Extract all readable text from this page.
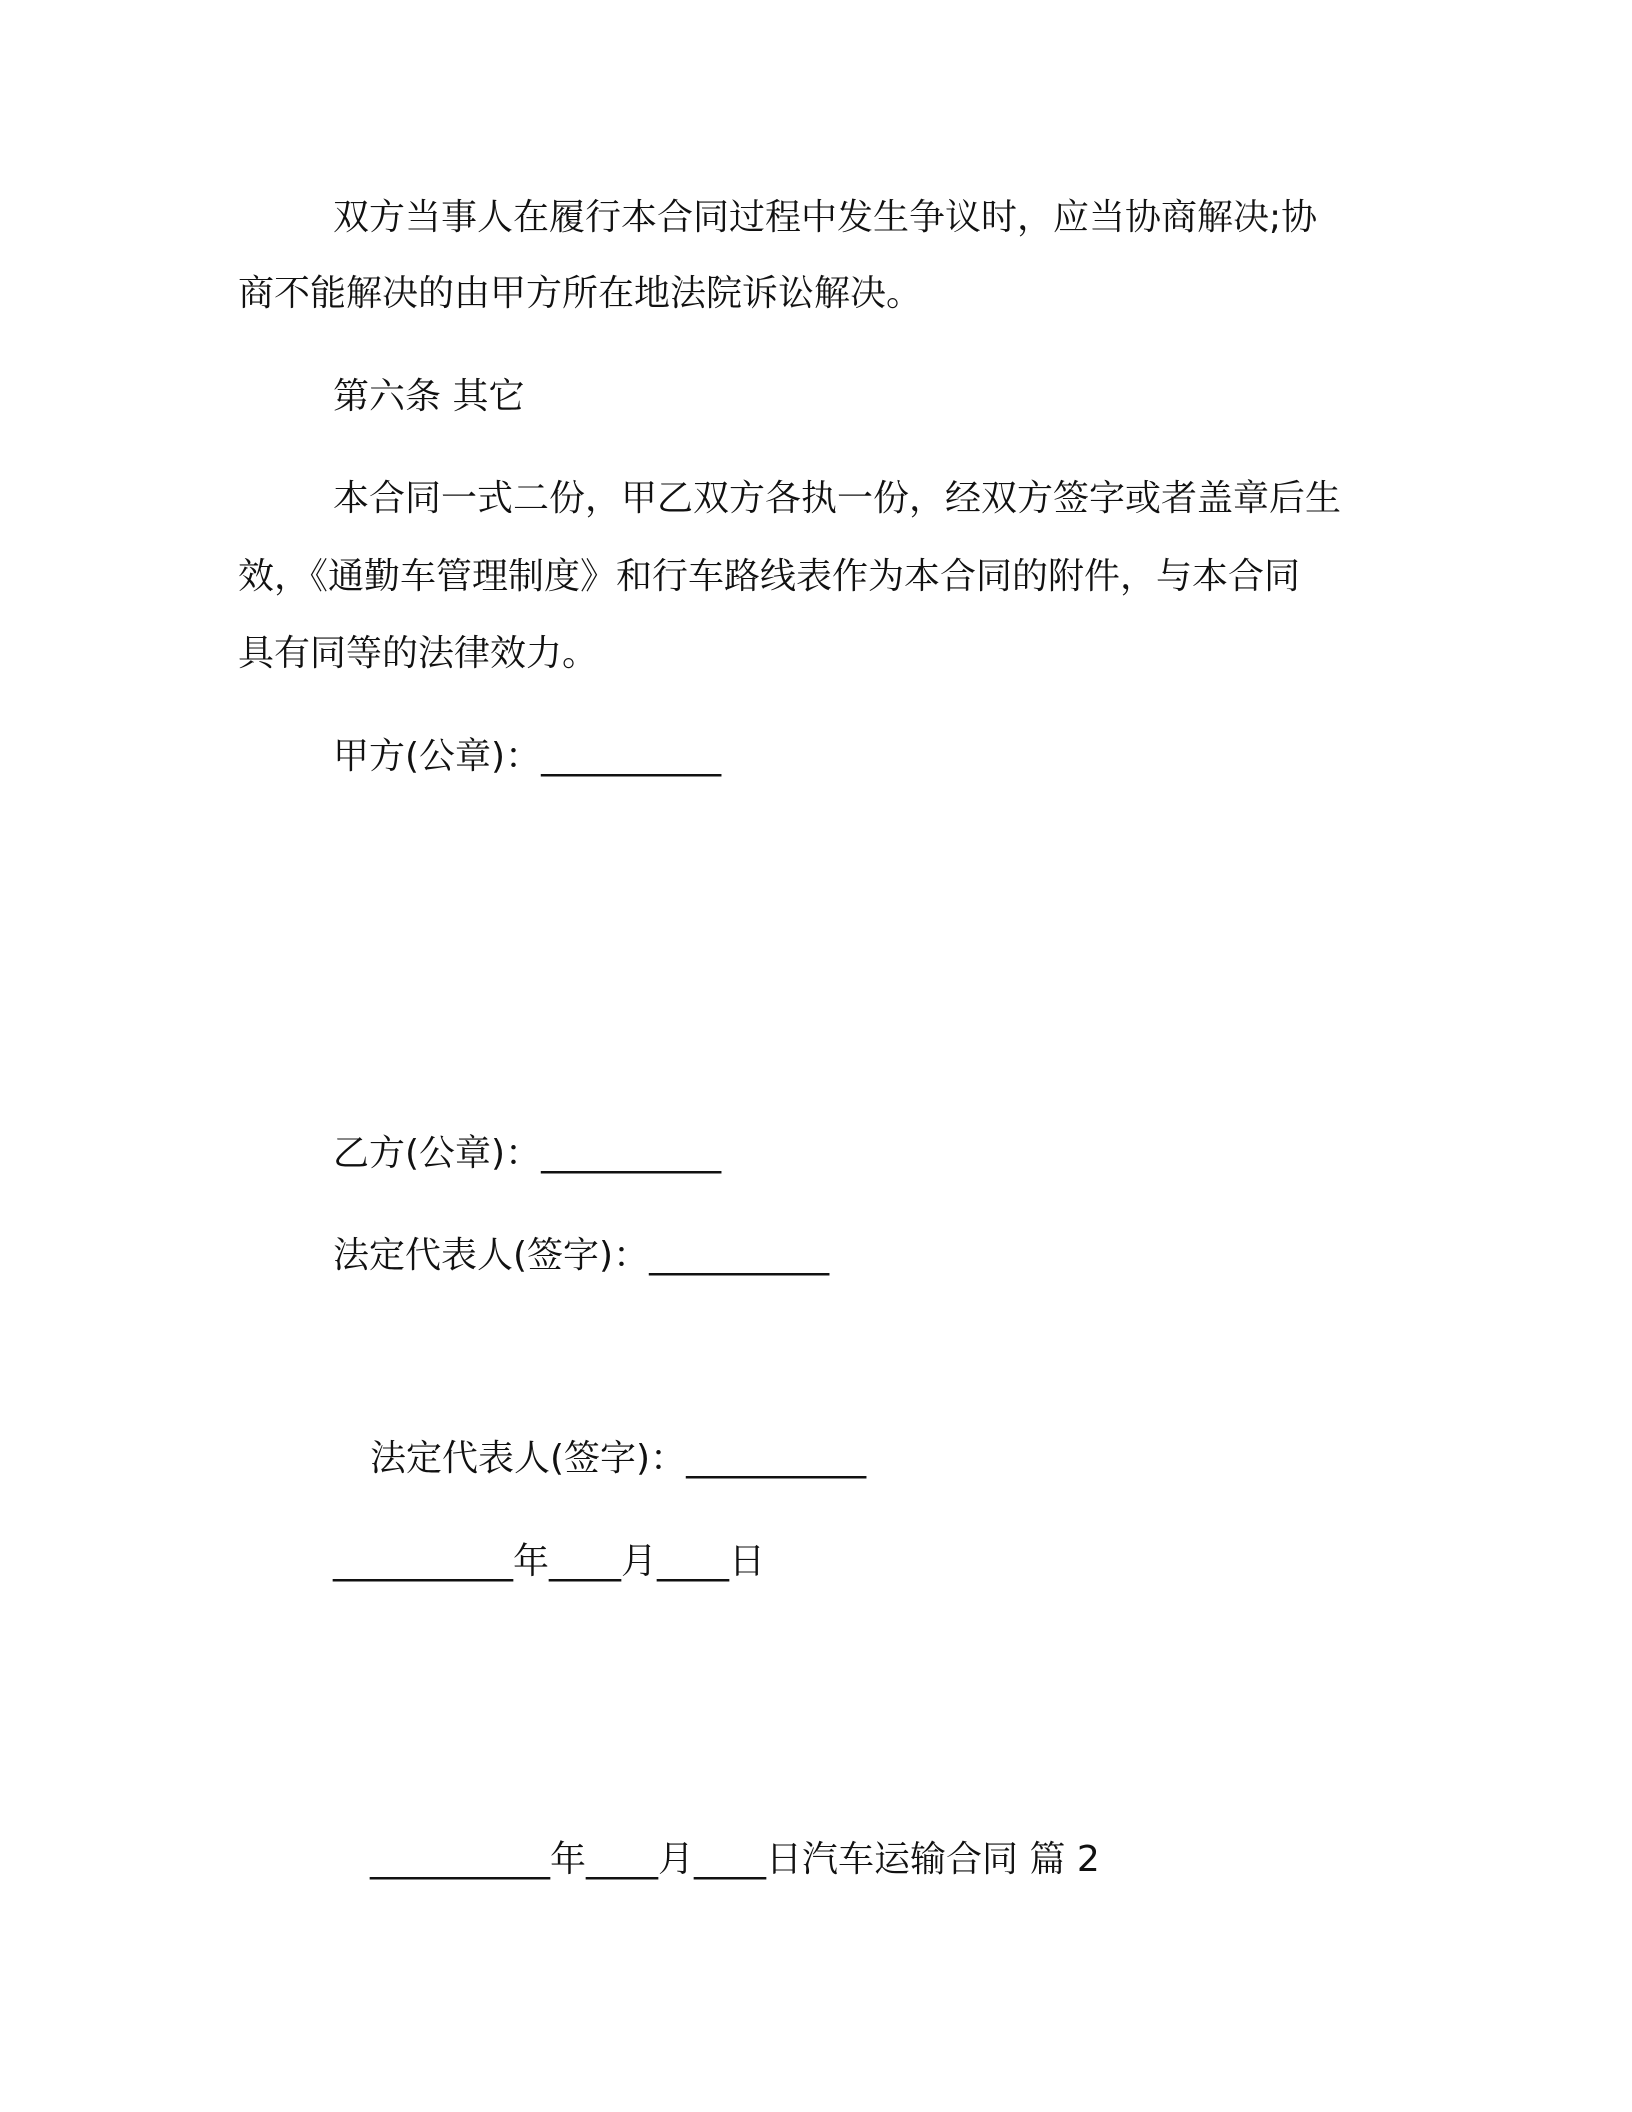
双方当事人在履行本合同过程中发生争议时，应当协商解决;协
商不能解决的由甲方所在地法院诉讼解决。
第六条 其它
本合同一式二份，甲乙双方各执一份，经双方签字或者盖章后生
效，《通勤车管理制度》和行车路线表作为本合同的附件，与本合同
具有同等的法律效力。
甲方(公章)：__________
乙方(公章)：__________
法定代表人(签字)：__________
法定代表人(签字)：__________
__________年____月____日
__________年____月____日汽车运输合同 篇 2
